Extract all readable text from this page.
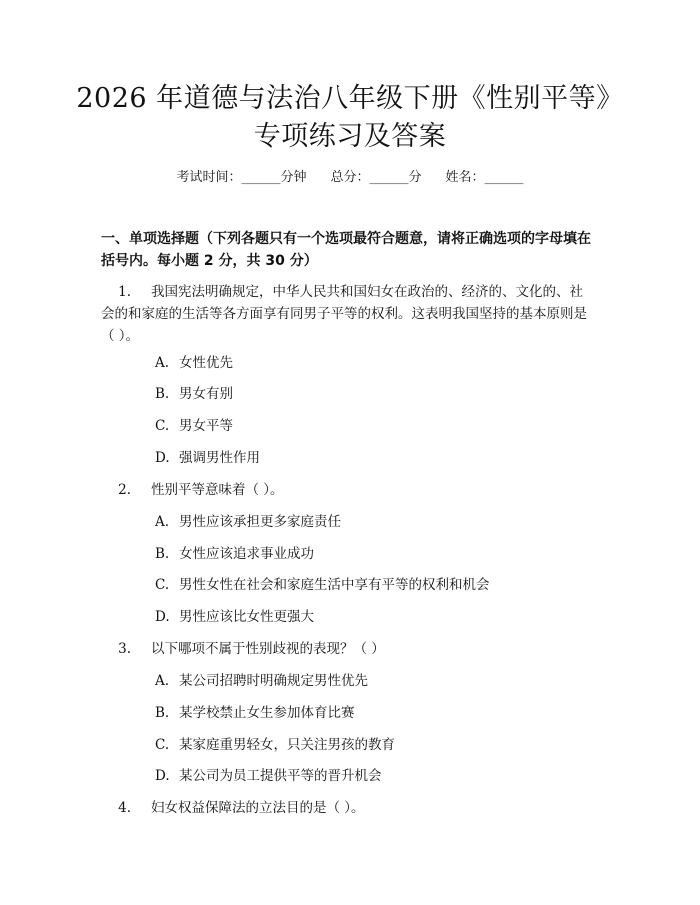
2026 年道德与法治八年级下册《性别平等》
专项练习及答案
考试时间：______分钟 总分：______分 姓名：______
一、单项选择题（下列各题只有一个选项最符合题意，请将正确选项的字母填在括号内。每小题 2 分，共 30 分）
1. 我国宪法明确规定，中华人民共和国妇女在政治的、经济的、文化的、社
会的和家庭的生活等各方面享有同男子平等的权利。这表明我国坚持的基本原则是
（ ）。
A. 女性优先
B. 男女有别
C. 男女平等
D. 强调男性作用
2. 性别平等意味着（ ）。
A. 男性应该承担更多家庭责任
B. 女性应该追求事业成功
C. 男性女性在社会和家庭生活中享有平等的权利和机会
D. 男性应该比女性更强大
3. 以下哪项不属于性别歧视的表现？（ ）
A. 某公司招聘时明确规定男性优先
B. 某学校禁止女生参加体育比赛
C. 某家庭重男轻女，只关注男孩的教育
D. 某公司为员工提供平等的晋升机会
4. 妇女权益保障法的立法目的是（ ）。
